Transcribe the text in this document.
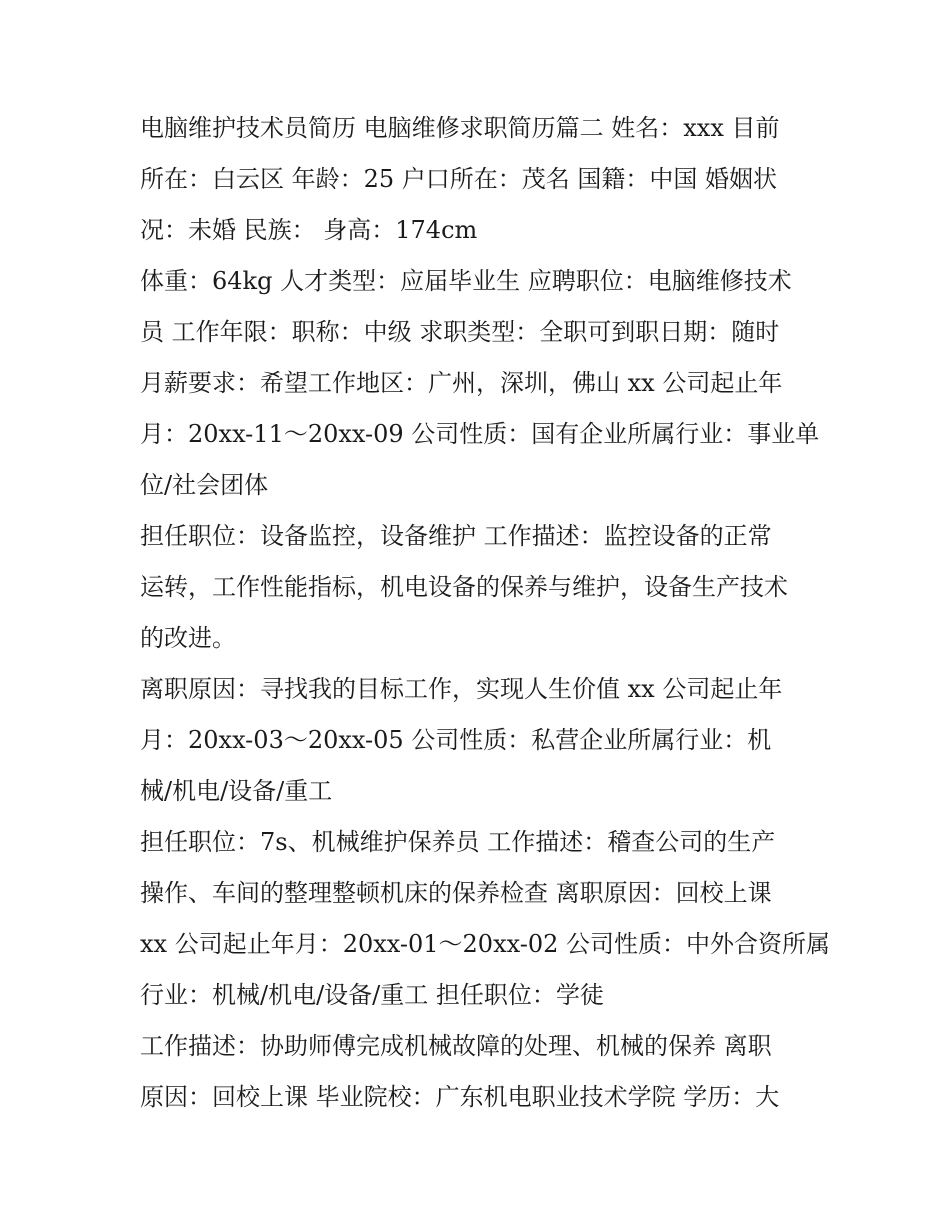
电脑维护技术员简历 电脑维修求职简历篇二 姓名：xxx 目前
所在：白云区 年龄：25 户口所在：茂名 国籍：中国 婚姻状
况：未婚 民族： 身高：174cm
体重：64kg 人才类型：应届毕业生 应聘职位：电脑维修技术
员 工作年限：职称：中级 求职类型：全职可到职日期：随时
月薪要求：希望工作地区：广州，深圳，佛山 xx 公司起止年
月：20xx-11～20xx-09 公司性质：国有企业所属行业：事业单
位/社会团体
担任职位：设备监控，设备维护 工作描述：监控设备的正常
运转，工作性能指标，机电设备的保养与维护，设备生产技术
的改进。
离职原因：寻找我的目标工作，实现人生价值 xx 公司起止年
月：20xx-03～20xx-05 公司性质：私营企业所属行业：机
械/机电/设备/重工
担任职位：7s、机械维护保养员 工作描述：稽查公司的生产
操作、车间的整理整顿机床的保养检查 离职原因：回校上课
xx 公司起止年月：20xx-01～20xx-02 公司性质：中外合资所属
行业：机械/机电/设备/重工 担任职位：学徒
工作描述：协助师傅完成机械故障的处理、机械的保养 离职
原因：回校上课 毕业院校：广东机电职业技术学院 学历：大
